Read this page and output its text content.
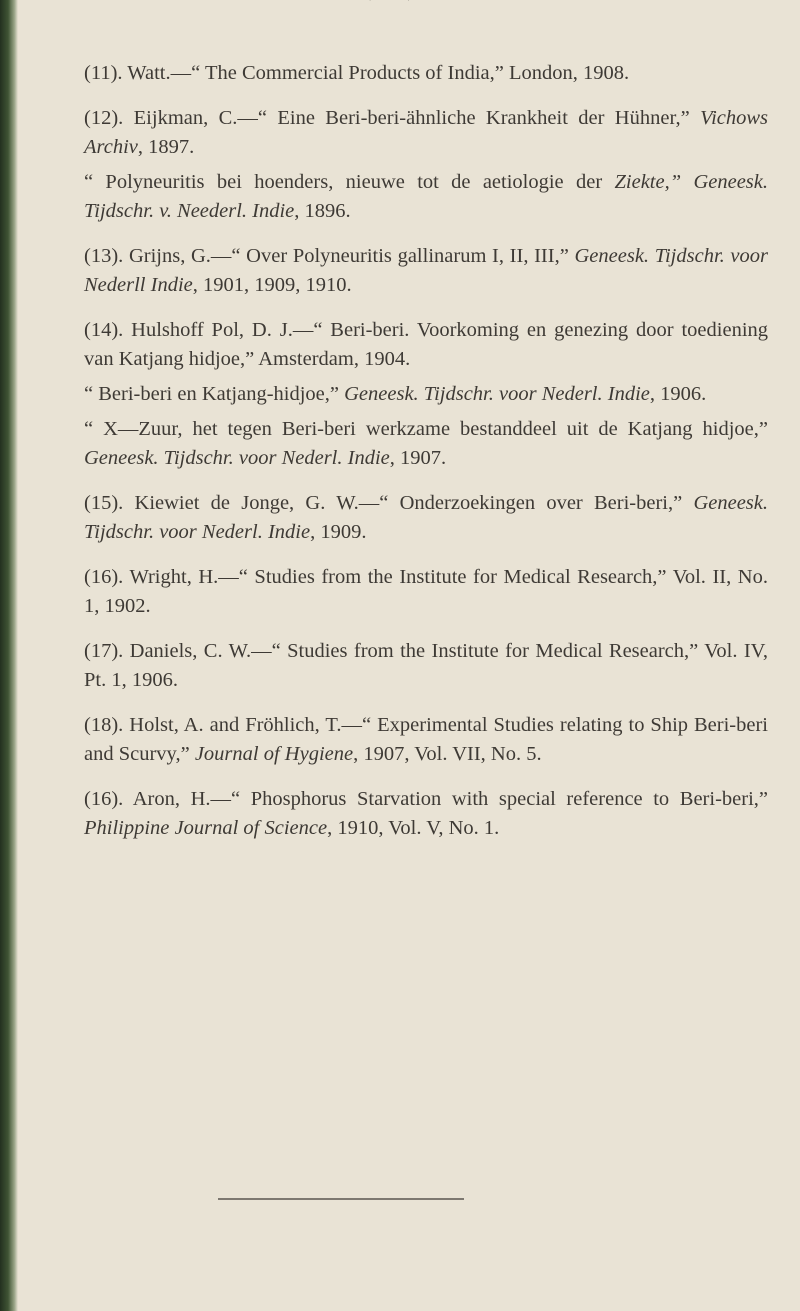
(11). Watt.—“ The Commercial Products of India,” London, 1908.
(12). Eijkman, C.—“ Eine Beri-beri-ähnliche Krankheit der Hühner,” Vichows Archiv, 1897.
“ Polyneuritis bei hoenders, nieuwe tot de aetiologie der Ziekte,” Geneesk. Tijdschr. v. Neederl. Indie, 1896.
(13). Grijns, G.—“ Over Polyneuritis gallinarum I, II, III,” Geneesk. Tijdschr. voor Nederll Indie, 1901, 1909, 1910.
(14). Hulshoff Pol, D. J.—“ Beri-beri. Voorkoming en genezing door toediening van Katjang hidjoe,” Amsterdam, 1904.
“ Beri-beri en Katjang-hidjoe,” Geneesk. Tijdschr. voor Nederl. Indie, 1906.
“ X—Zuur, het tegen Beri-beri werkzame bestanddeel uit de Katjang hidjoe,” Geneesk. Tijdschr. voor Nederl. Indie, 1907.
(15). Kiewiet de Jonge, G. W.—“ Onderzoekingen over Beri-beri,” Geneesk. Tijdschr. voor Nederl. Indie, 1909.
(16). Wright, H.—“ Studies from the Institute for Medical Research,” Vol. II, No. 1, 1902.
(17). Daniels, C. W.—“ Studies from the Institute for Medical Research,” Vol. IV, Pt. 1, 1906.
(18). Holst, A. and Fröhlich, T.—“ Experimental Studies relating to Ship Beri-beri and Scurvy,” Journal of Hygiene, 1907, Vol. VII, No. 5.
(16). Aron, H.—“ Phosphorus Starvation with special reference to Beri-beri,” Philippine Journal of Science, 1910, Vol. V, No. 1.
